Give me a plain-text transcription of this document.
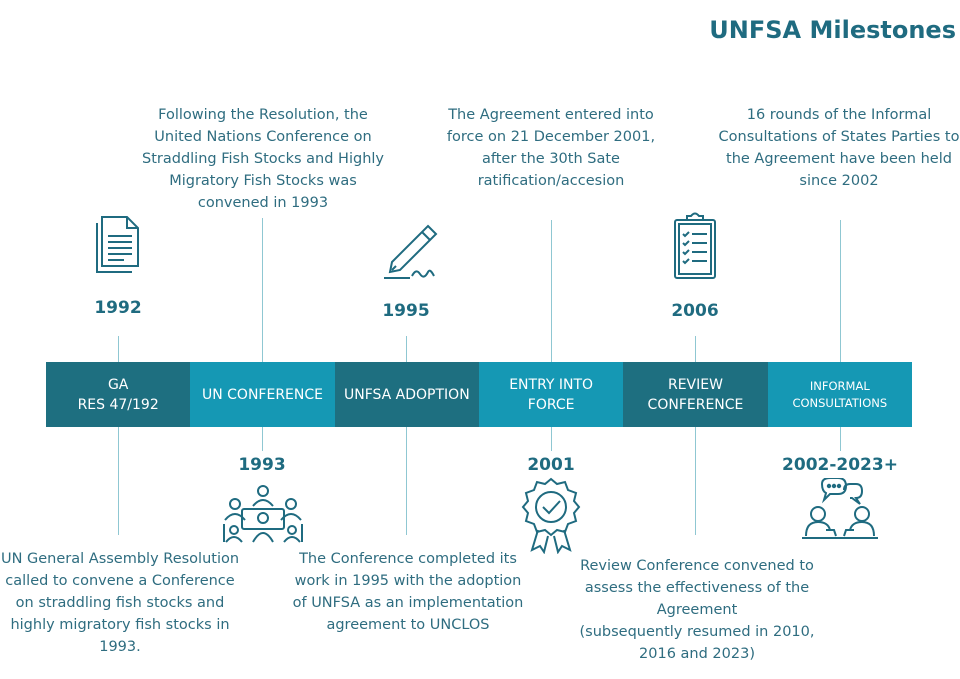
UNFSA Milestones

Following the Resolution, the United Nations Conference on Straddling Fish Stocks and Highly Migratory Fish Stocks was convened in 1993

The Agreement entered into force on 21 December 2001, after the 30th Sate ratification/accesion

16 rounds of the Informal Consultations of States Parties to the Agreement have been held since 2002

UN General Assembly Resolution called to convene a Conference on straddling fish stocks and highly migratory fish stocks in 1993.

The Conference completed its work in 1995 with the adoption of UNFSA as an implementation agreement to UNCLOS

Review Conference convened to assess the effectiveness of the Agreement
(subsequently resumed in 2010, 2016 and 2023)

GA
RES 47/192
UN CONFERENCE	UNFSA ADOPTION
ENTRY INTO
FORCE
REVIEW
CONFERENCE
INFORMAL
CONSULTATIONS
1992
1993
1995
2001
2006
2002-2023+
